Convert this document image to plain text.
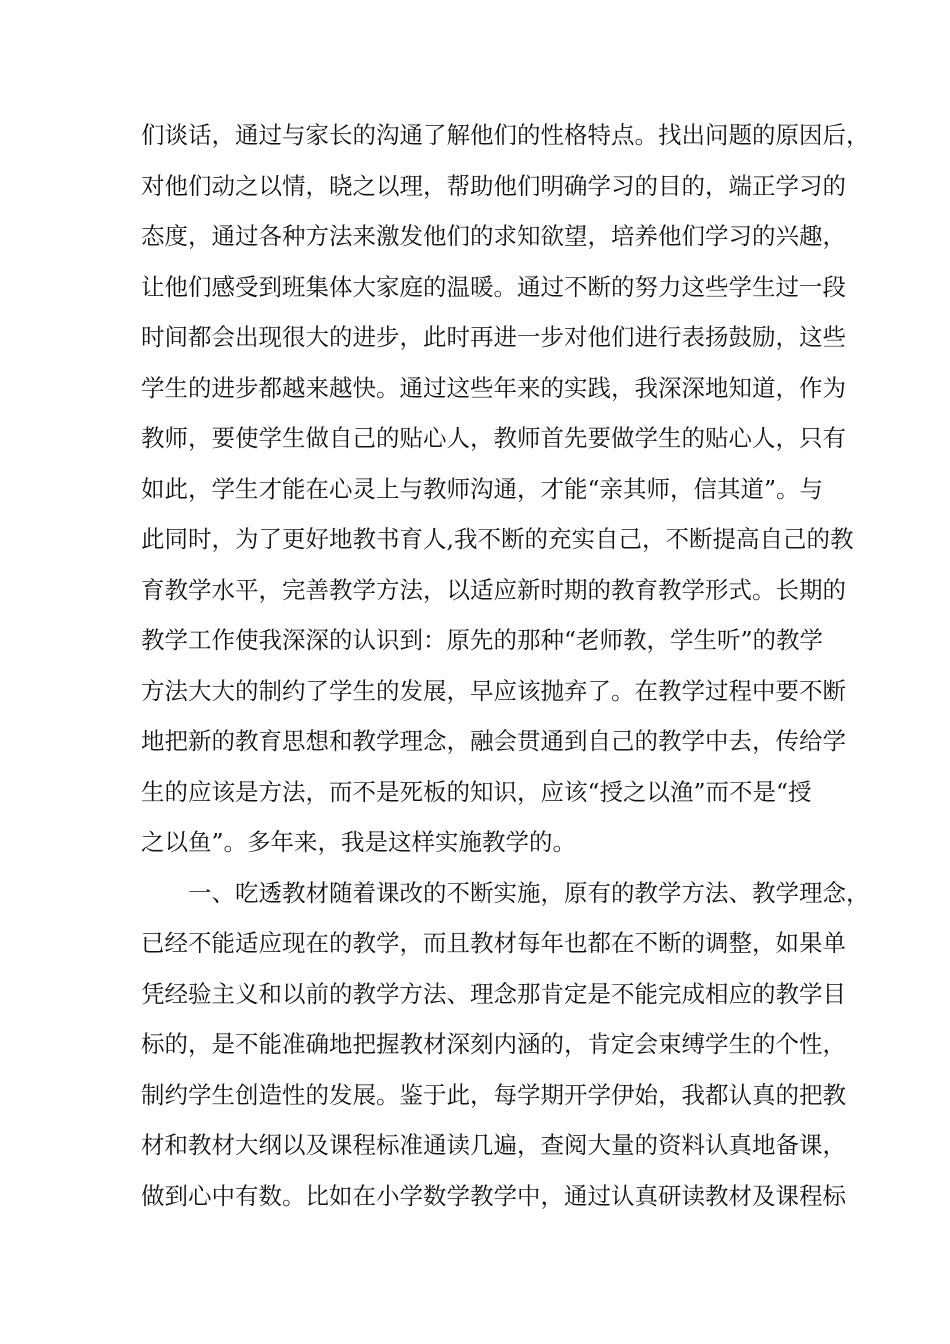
们谈话，通过与家长的沟通了解他们的性格特点。找出问题的原因后，
对他们动之以情，晓之以理，帮助他们明确学习的目的，端正学习的
态度，通过各种方法来激发他们的求知欲望，培养他们学习的兴趣，
让他们感受到班集体大家庭的温暖。通过不断的努力这些学生过一段
时间都会出现很大的进步，此时再进一步对他们进行表扬鼓励，这些
学生的进步都越来越快。通过这些年来的实践，我深深地知道，作为
教师，要使学生做自己的贴心人，教师首先要做学生的贴心人，只有
如此，学生才能在心灵上与教师沟通，才能“亲其师，信其道”。与
此同时，为了更好地教书育人,我不断的充实自己，不断提高自己的教
育教学水平，完善教学方法，以适应新时期的教育教学形式。长期的
教学工作使我深深的认识到：原先的那种“老师教，学生听”的教学
方法大大的制约了学生的发展，早应该抛弃了。在教学过程中要不断
地把新的教育思想和教学理念，融会贯通到自己的教学中去，传给学
生的应该是方法，而不是死板的知识，应该“授之以渔”而不是“授
之以鱼”。多年来，我是这样实施教学的。
一、吃透教材随着课改的不断实施，原有的教学方法、教学理念，
已经不能适应现在的教学，而且教材每年也都在不断的调整，如果单
凭经验主义和以前的教学方法、理念那肯定是不能完成相应的教学目
标的，是不能准确地把握教材深刻内涵的，肯定会束缚学生的个性，
制约学生创造性的发展。鉴于此，每学期开学伊始，我都认真的把教
材和教材大纲以及课程标准通读几遍，查阅大量的资料认真地备课，
做到心中有数。比如在小学数学教学中，通过认真研读教材及课程标
